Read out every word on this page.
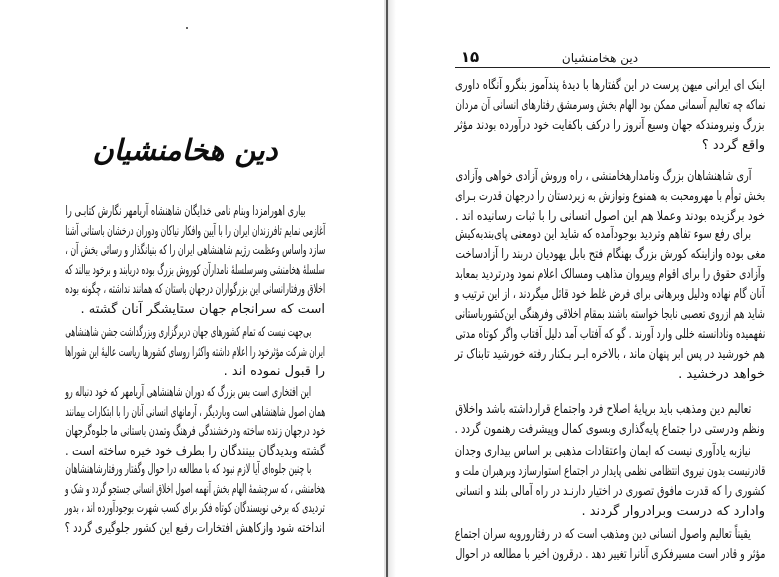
دین هخامنشیان
بیاری اهورامزدا وبنام نامی خدایگان شاهنشاه آریامهر نگارش کتابـی را
آغازمی نمایم تافرزندان ایران را با آیین وافکار نیاکان ودوران درخشان باستانی آشنا
سازد واساس وعظمت رژیم شاهنشاهی ایران را که بنیانگذار و رسائی بخش آن ،
سلسلهٔ هخامنشی وسرسلسلهٔ نامدارآن کوروش بزرگ بوده دریابند و برخود ببالند که
اخلاق ورفتارانسانی این بزرگواران درجهان باستان که همانند نداشته ، چگونه بوده
است که سرانجام جهان ستایشگر آنان گشته .
بی‌جهت نیست که تمام کشورهای جهان دربرگزاری وبزرگداشت جشن شاهنشاهی
ایران شرکت مؤثرخود را اعلام داشته واکثرا روسای کشورها ریاست عالیهٔ این شوراها
را قبول نموده اند .
این افتخاری است بس بزرگ که دوران شاهنشاهی آریامهر که خود دنباله رو
همان اصول شاهنشاهی است وباردیگر ، آرمانهای انسانی آنان را با ابتکارات بیمانند
خود درجهان زنده ساخته ودرخشندگی فرهنگ وتمدن باستانی ما جلوه‌گرجهان
گشته وبدیدگان بینندگان را بطرف خود خیره ساخته است .
با چنین جلوه‌ای آیا لازم نبود که با مطالعه درا حوال وگفتار ورفتارشاهنشاهان
هخامنشی ، که سرچشمهٔ الهام بخش آنهمه اصول اخلاق انسانی جستجو گردد و شک و
تردیدی که برخی نویسندگان کوتاه فکر برای کسب شهرت بوجودآورده اند ، بدور
انداخته شود وازکاهش افتخارات رفیع این کشور جلوگیری گردد ؟
۱۵	دین هخامنشیان
اینک ای ایرانی میهن پرست در این گفتارها با دیدهٔ پندآموز بنگرو آنگاه داوری
نماکه چه تعالیم آسمانی ممکن بود الهام بخش وسرمشق رفتارهای انسانی آن مردان
بزرگ ونیرومندکه جهان وسیع آنروز را درکف باکفایت خود درآورده بودند مؤثر
واقع گردد ؟
آری شاهنشاهان بزرگ ونامدارهخامنشی ، راه وروش آزادی خواهی وآزادی
بخش توأم با مهرومحبت به همنوع ونوازش به زیردستان را درجهان قدرت بـرای
خود برگزیده بودند وعملا هم این اصول انسانی را با ثبات رسانیده اند .
برای رفع سوء تفاهم وتردید بوجودآمده که شاید این دومعنی پای‌بندبه‌کیش
مغی بوده وازاینکه کورش بزرگ بهنگام فتح بابل یهودیان دربند را آزادساخت
وآزادی حقوق را برای اقوام وپیروان مذاهب ومسالک اعلام نمود ودرتردید بمعابد
آنان گام نهاده ودلیل وبرهانی برای فرض غلط خود قائل میگردند ، از این ترتیب و
شاید هم ازروی تعصبی نابجا خواسته باشند بمقام اخلاقی وفرهنگی این‌کشورباستانی
نفهمیده ونادانسته خللی وارد آورند . گو که آفتاب آمد دلیل آفتاب واگر کوتاه مدتی
هم خورشید در پس ابر پنهان ماند ، بالاخره ابـر بـکنار رفته خورشید تابناک تر
خواهد درخشید .
تعالیم دین ومذهب باید برپایهٔ اصلاح فرد واجتماع قرارداشته باشد واخلاق
ونظم ودرستی درا جتماع پایه‌گذاری وبسوی کمال وپیشرفت رهنمون گردد .
نیازبه یادآوری نیست که ایمان واعتقادات مذهبی بر اساس بیداری وجدان
قادرنیست بدون نیروی انتظامی نظمی پایدار در اجتماع استوارسازد وبرهبران ملت و
کشوری را که قدرت مافوق تصوری در اختیار دارنـد در راه آمالی بلند و انسانی
وادارد که درست وبرادروار گردند .
یقیناً تعالیم واصول انسانی دین ومذهب است که در رفتارورویه سران اجتماع
مؤثر و قادر است مسیرفکری آنانرا تغییر دهد . درقرون اخیر با مطالعه در احوال
